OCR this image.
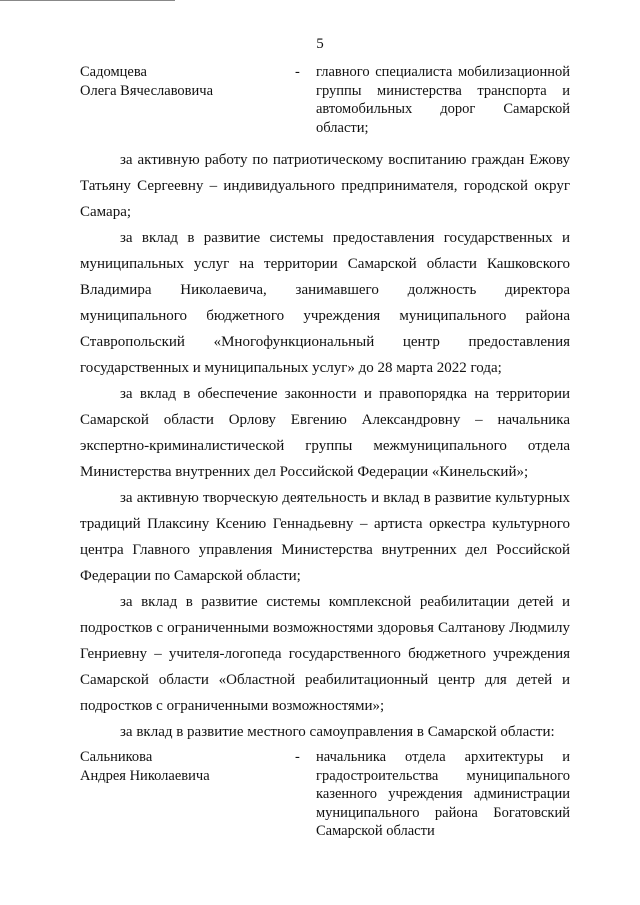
5
Садомцева
Олега Вячеславовича
-	главного специалиста мобилизационной группы министерства транспорта и автомобильных дорог Самарской области;
за активную работу по патриотическому воспитанию граждан Ежову Татьяну Сергеевну – индивидуального предпринимателя, городской округ Самара;
за вклад в развитие системы предоставления государственных и муниципальных услуг на территории Самарской области Кашковского Владимира Николаевича, занимавшего должность директора муниципального бюджетного учреждения муниципального района Ставропольский «Многофункциональный центр предоставления государственных и муниципальных услуг» до 28 марта 2022 года;
за вклад в обеспечение законности и правопорядка на территории Самарской области Орлову Евгению Александровну – начальника экспертно-криминалистической группы межмуниципального отдела Министерства внутренних дел Российской Федерации «Кинельский»;
за активную творческую деятельность и вклад в развитие культурных традиций Плаксину Ксению Геннадьевну – артиста оркестра культурного центра Главного управления Министерства внутренних дел Российской Федерации по Самарской области;
за вклад в развитие системы комплексной реабилитации детей и подростков с ограниченными возможностями здоровья Салтанову Людмилу Генриевну – учителя-логопеда государственного бюджетного учреждения Самарской области «Областной реабилитационный центр для детей и подростков с ограниченными возможностями»;
за вклад в развитие местного самоуправления в Самарской области:
Сальникова
Андрея Николаевича
-	начальника отдела архитектуры и градостроительства муниципального казенного учреждения администрации муниципального района Богатовский Самарской области
